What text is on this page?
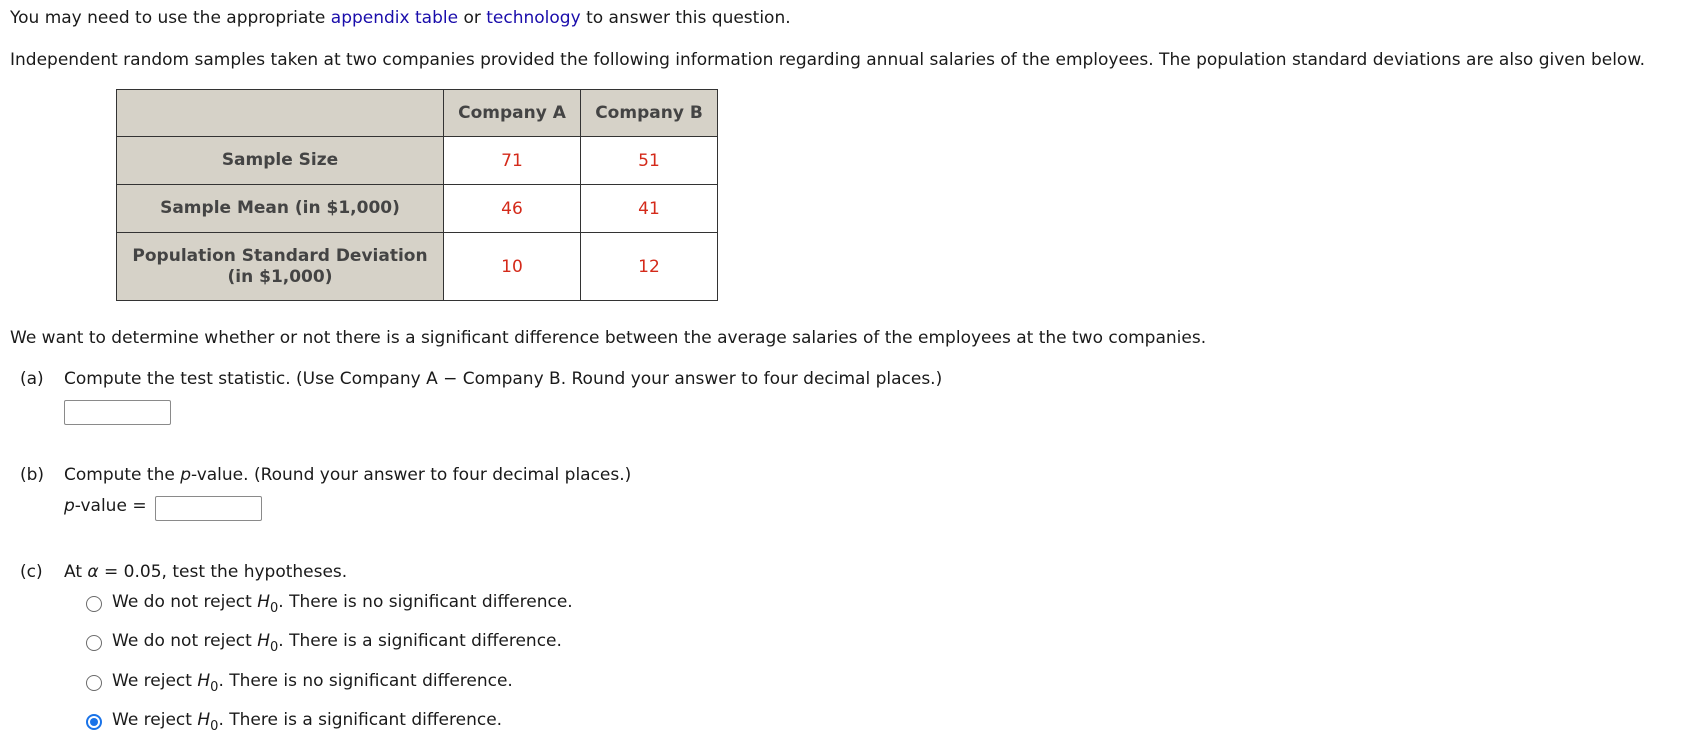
You may need to use the appropriate appendix table or technology to answer this question.
Independent random samples taken at two companies provided the following information regarding annual salaries of the employees. The population standard deviations are also given below.
	Company A	Company B
Sample Size	71	51
Sample Mean (in $1,000)	46	41
Population Standard Deviation
(in $1,000)	10	12
We want to determine whether or not there is a significant difference between the average salaries of the employees at the two companies.
(a) Compute the test statistic. (Use Company A − Company B. Round your answer to four decimal places.)
(b) Compute the p-value. (Round your answer to four decimal places.)
p-value =
(c) At α = 0.05, test the hypotheses.
We do not reject $H_0$. There is no significant difference.
We do not reject $H_0$. There is a significant difference.
We reject $H_0$. There is no significant difference.
We reject $H_0$. There is a significant difference.
